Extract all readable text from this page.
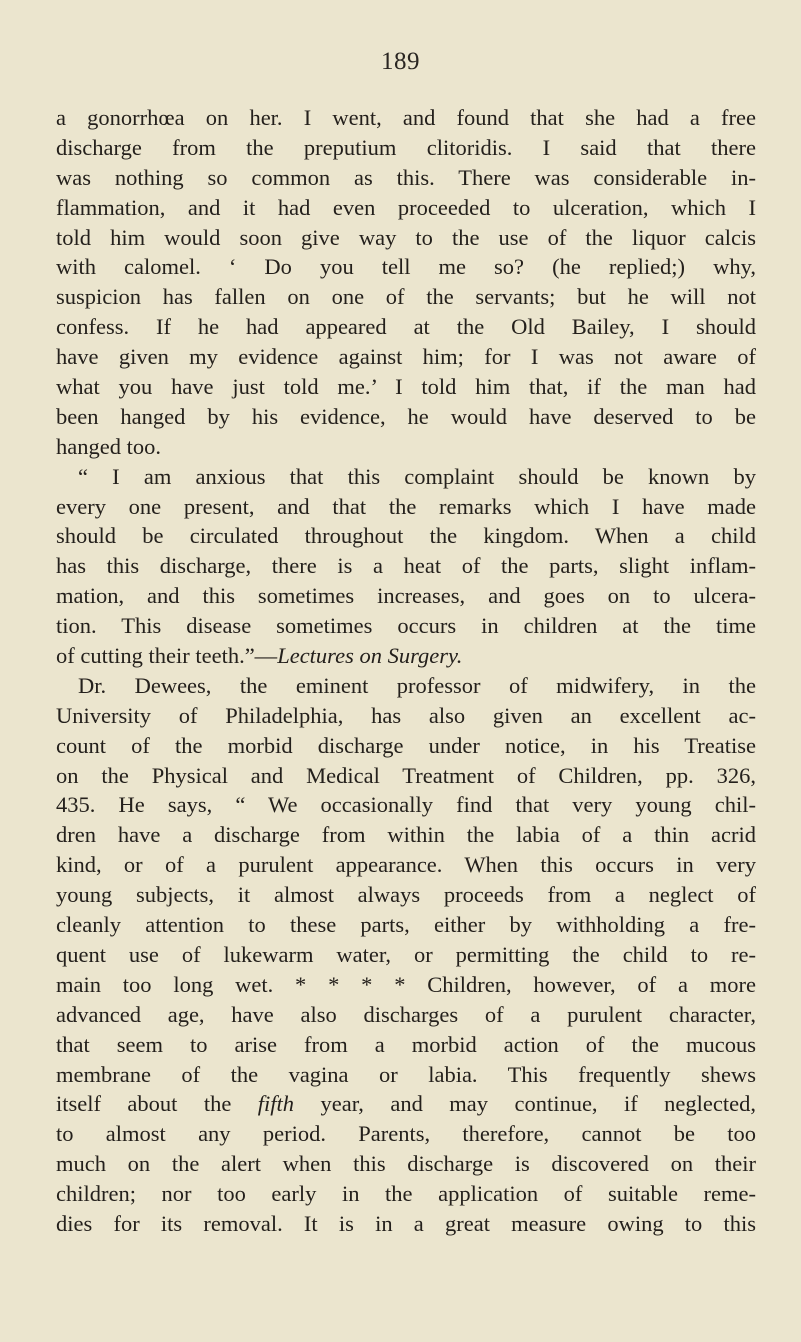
189
a gonorrhœa on her. I went, and found that she had a free
discharge from the preputium clitoridis. I said that there
was nothing so common as this. There was considerable in-
flammation, and it had even proceeded to ulceration, which I
told him would soon give way to the use of the liquor calcis
with calomel. ‘ Do you tell me so? (he replied;) why,
suspicion has fallen on one of the servants; but he will not
confess. If he had appeared at the Old Bailey, I should
have given my evidence against him; for I was not aware of
what you have just told me.’ I told him that, if the man had
been hanged by his evidence, he would have deserved to be
hanged too.
“ I am anxious that this complaint should be known by
every one present, and that the remarks which I have made
should be circulated throughout the kingdom. When a child
has this discharge, there is a heat of the parts, slight inflam-
mation, and this sometimes increases, and goes on to ulcera-
tion. This disease sometimes occurs in children at the time
of cutting their teeth.”—Lectures on Surgery.
Dr. Dewees, the eminent professor of midwifery, in the
University of Philadelphia, has also given an excellent ac-
count of the morbid discharge under notice, in his Treatise
on the Physical and Medical Treatment of Children, pp. 326,
435. He says, “ We occasionally find that very young chil-
dren have a discharge from within the labia of a thin acrid
kind, or of a purulent appearance. When this occurs in very
young subjects, it almost always proceeds from a neglect of
cleanly attention to these parts, either by withholding a fre-
quent use of lukewarm water, or permitting the child to re-
main too long wet. * * * * Children, however, of a more
advanced age, have also discharges of a purulent character,
that seem to arise from a morbid action of the mucous
membrane of the vagina or labia. This frequently shews
itself about the fifth year, and may continue, if neglected,
to almost any period. Parents, therefore, cannot be too
much on the alert when this discharge is discovered on their
children; nor too early in the application of suitable reme-
dies for its removal. It is in a great measure owing to this
